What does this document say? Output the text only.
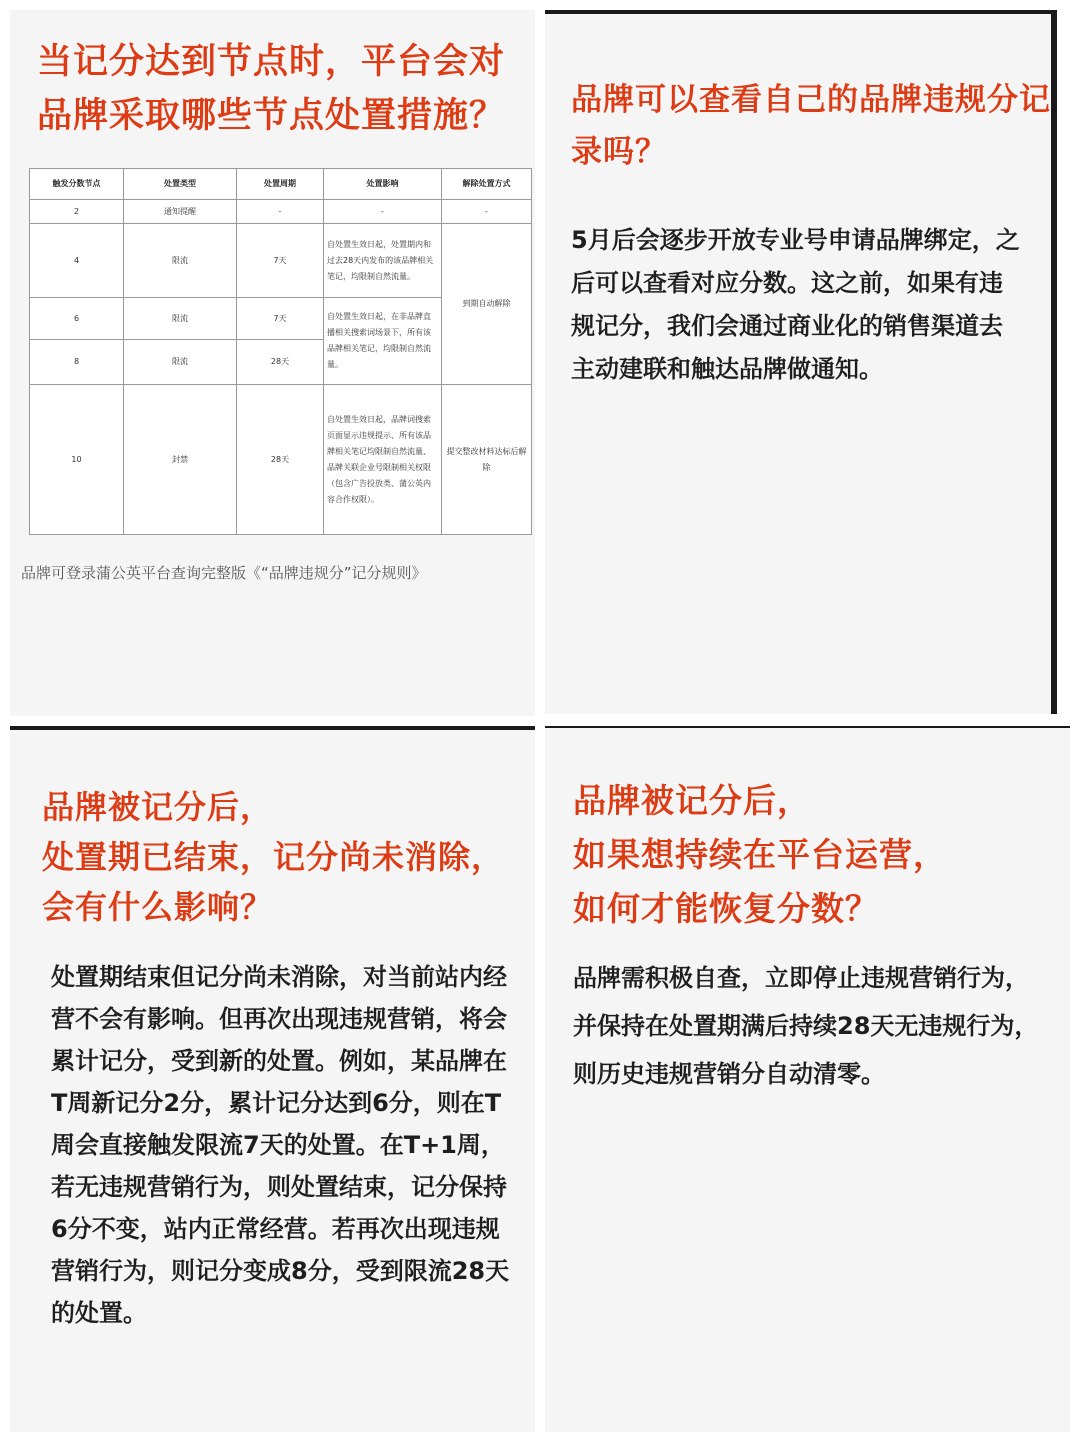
当记分达到节点时，平台会对
品牌采取哪些节点处置措施？
触发分数节点	处置类型	处置周期	处置影响	解除处置方式
2	通知提醒	-	-	-
4	限流	7天	自处置生效日起，处置期内和过去28天内发布的该品牌相关笔记，均限制自然流量。	到期自动解除
6	限流	7天	自处置生效日起，在非品牌直播相关搜索词场景下，所有该品牌相关笔记，均限制自然流量。	
8	限流	28天		
10	封禁	28天	自处置生效日起，品牌词搜索页面显示违规提示、所有该品牌相关笔记均限制自然流量、品牌关联企业号限制相关权限（包含广告投放类、蒲公英内容合作权限）。	提交整改材料达标后解除
品牌可登录蒲公英平台查询完整版《“品牌违规分”记分规则》
品牌可以查看自己的品牌违规分记录吗？

5月后会逐步开放专业号申请品牌绑定，之后可以查看对应分数。这之前，如果有违规记分，我们会通过商业化的销售渠道去主动建联和触达品牌做通知。

品牌被记分后，
处置期已结束，记分尚未消除，
会有什么影响？

处置期结束但记分尚未消除，对当前站内经营不会有影响。但再次出现违规营销，将会累计记分，受到新的处置。例如，某品牌在T周新记分2分，累计记分达到6分，则在T周会直接触发限流7天的处置。在T+1周，若无违规营销行为，则处置结束，记分保持6分不变，站内正常经营。若再次出现违规营销行为，则记分变成8分，受到限流28天的处置。

品牌被记分后，
如果想持续在平台运营，
如何才能恢复分数？

品牌需积极自查，立即停止违规营销行为，并保持在处置期满后持续28天无违规行为，则历史违规营销分自动清零。
